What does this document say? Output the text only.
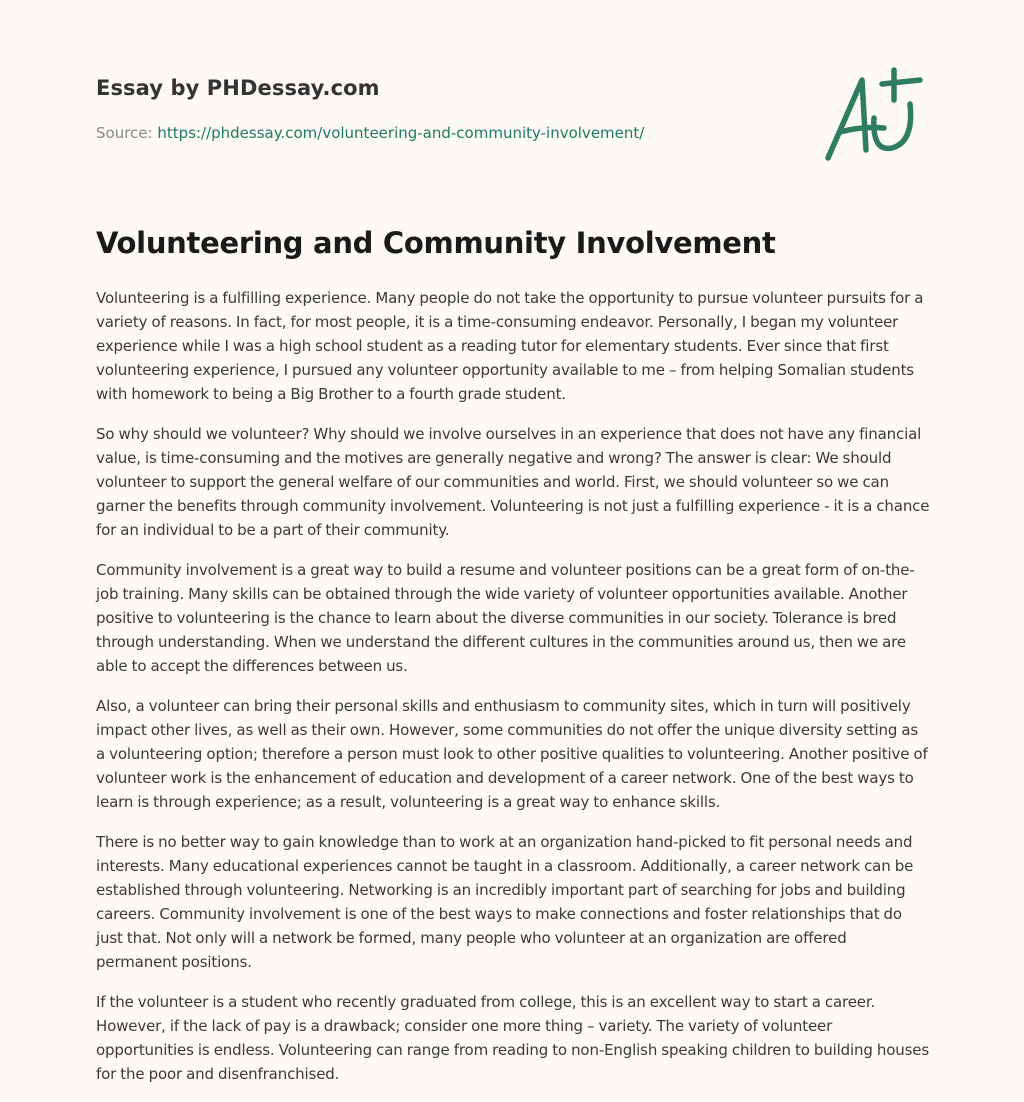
Essay by PHDessay.com
Source: https://phdessay.com/volunteering-and-community-involvement/
Volunteering and Community Involvement

Volunteering is a fulfilling experience. Many people do not take the opportunity to pursue volunteer pursuits for a variety of reasons. In fact, for most people, it is a time-consuming endeavor. Personally, I began my volunteer experience while I was a high school student as a reading tutor for elementary students. Ever since that first volunteering experience, I pursued any volunteer opportunity available to me – from helping Somalian students with homework to being a Big Brother to a fourth grade student.

So why should we volunteer? Why should we involve ourselves in an experience that does not have any financial value, is time-consuming and the motives are generally negative and wrong? The answer is clear: We should volunteer to support the general welfare of our communities and world. First, we should volunteer so we can garner the benefits through community involvement. Volunteering is not just a fulfilling experience - it is a chance for an individual to be a part of their community.

Community involvement is a great way to build a resume and volunteer positions can be a great form of on-the-job training. Many skills can be obtained through the wide variety of volunteer opportunities available. Another positive to volunteering is the chance to learn about the diverse communities in our society. Tolerance is bred through understanding. When we understand the different cultures in the communities around us, then we are able to accept the differences between us.

Also, a volunteer can bring their personal skills and enthusiasm to community sites, which in turn will positively impact other lives, as well as their own. However, some communities do not offer the unique diversity setting as a volunteering option; therefore a person must look to other positive qualities to volunteering. Another positive of volunteer work is the enhancement of education and development of a career network. One of the best ways to learn is through experience; as a result, volunteering is a great way to enhance skills.

There is no better way to gain knowledge than to work at an organization hand-picked to fit personal needs and interests. Many educational experiences cannot be taught in a classroom. Additionally, a career network can be established through volunteering. Networking is an incredibly important part of searching for jobs and building careers. Community involvement is one of the best ways to make connections and foster relationships that do just that. Not only will a network be formed, many people who volunteer at an organization are offered permanent positions.

If the volunteer is a student who recently graduated from college, this is an excellent way to start a career. However, if the lack of pay is a drawback; consider one more thing – variety. The variety of volunteer opportunities is endless. Volunteering can range from reading to non-English speaking children to building houses for the poor and disenfranchised.
